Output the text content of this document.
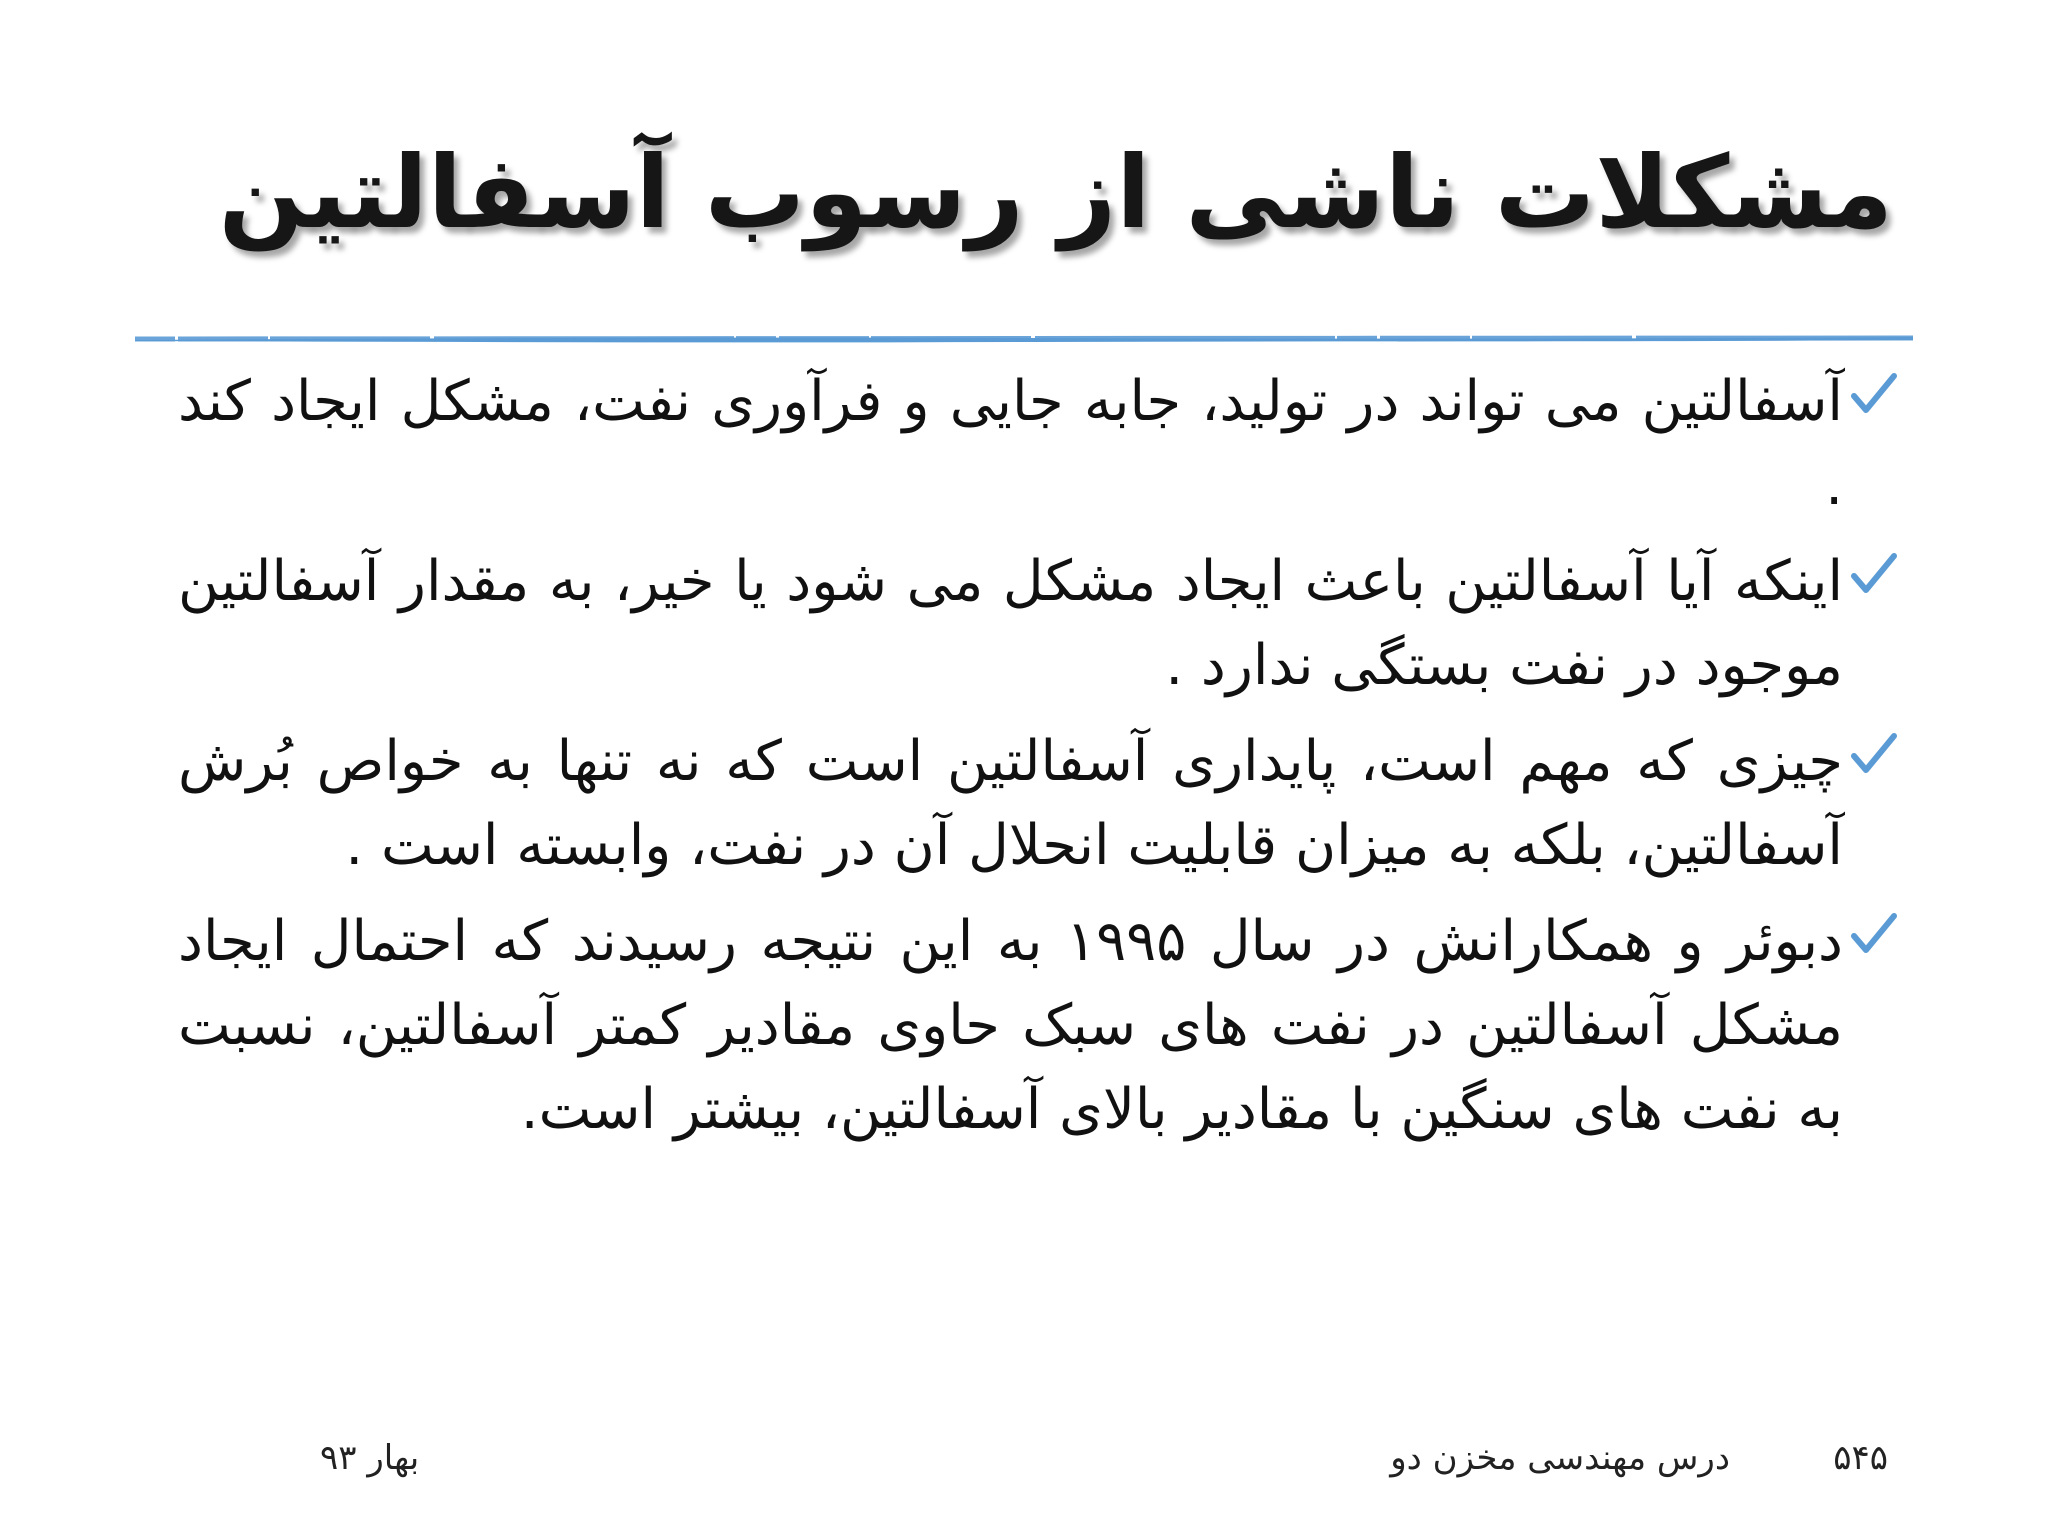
مشکلات ناشی از رسوب آسفالتین
آسفالتین می تواند در تولید، جابه جایی و فرآوری نفت، مشکل ایجاد کند .
اینکه آیا آسفالتین باعث ایجاد مشکل می شود یا خیر، به مقدار آسفالتین موجود در نفت بستگی ندارد .
چیزی که مهم است، پایداری آسفالتین است که نه تنها به خواص بُرش آسفالتین، بلکه به میزان قابلیت انحلال آن در نفت، وابسته است .
دبوئر و همکارانش در سال ۱۹۹۵ به این نتیجه رسیدند که احتمال ایجاد مشکل آسفالتین در نفت های سبک حاوی مقادیر کمتر آسفالتین، نسبت به نفت های سنگین با مقادیر بالای آسفالتین، بیشتر است.
۵۴۵
درس مهندسی مخزن دو
بهار ۹۳
